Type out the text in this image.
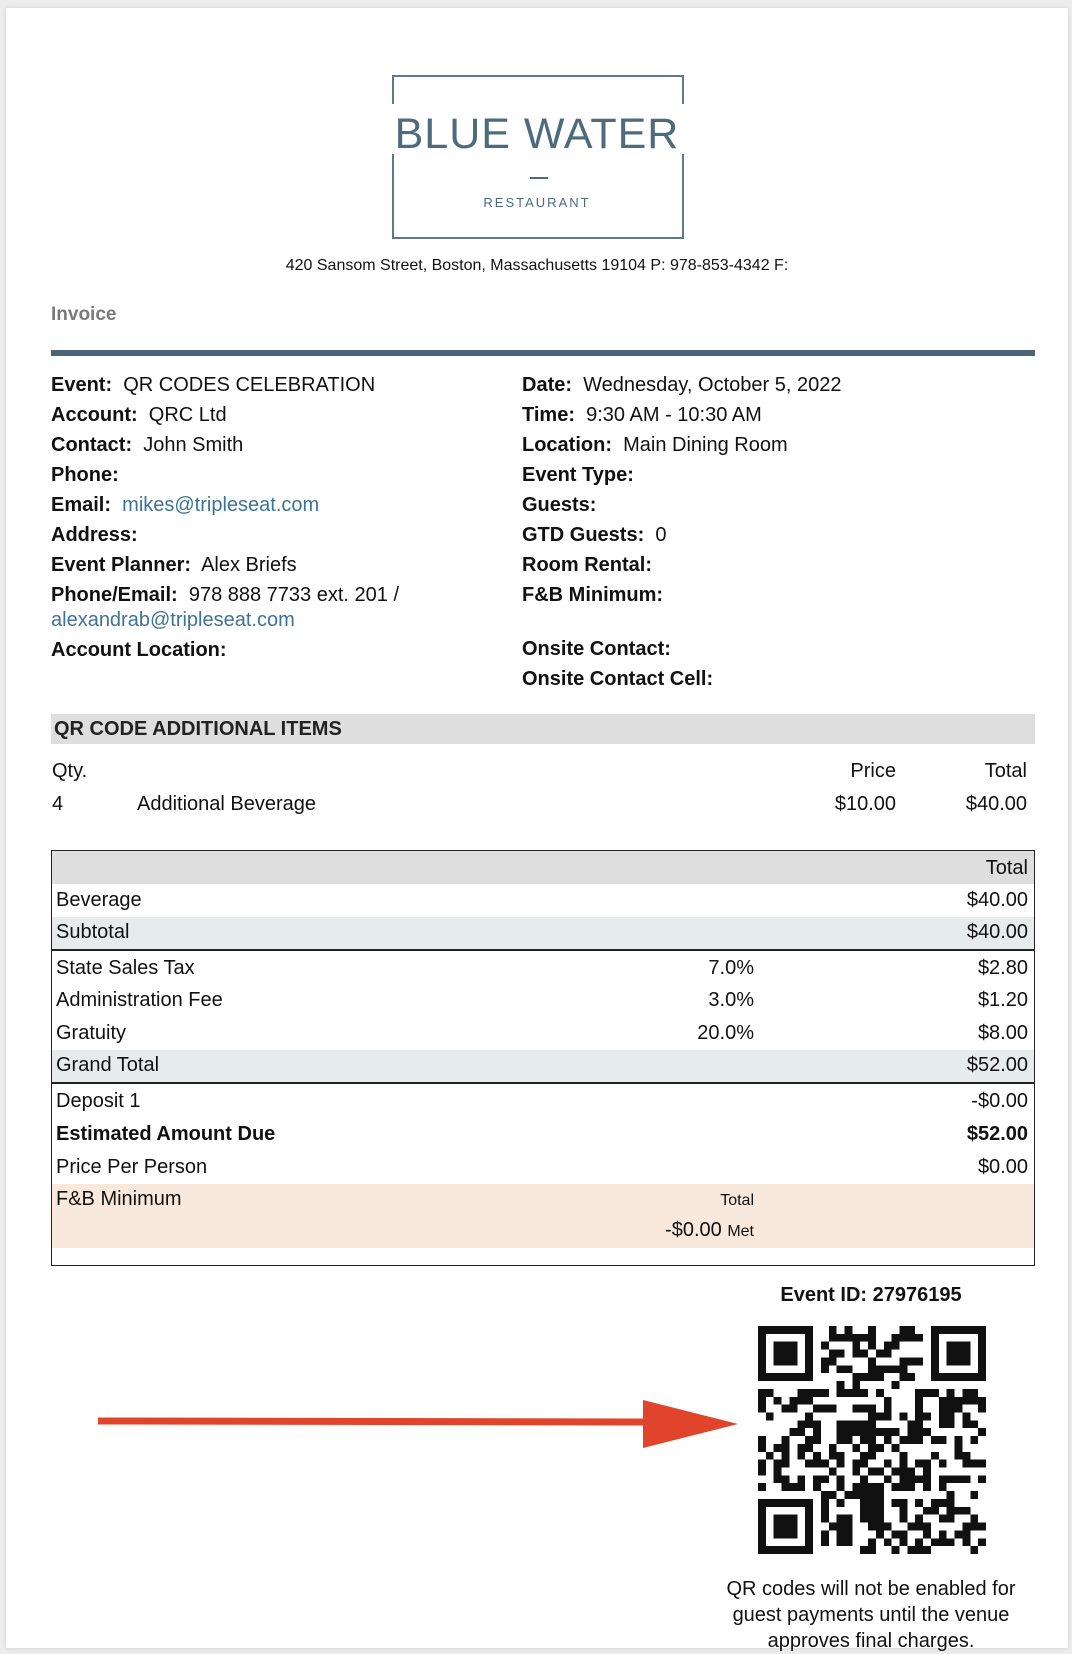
BLUE WATER
RESTAURANT
420 Sansom Street, Boston, Massachusetts 19104 P: 978-853-4342 F:
Invoice
Event: QR CODES CELEBRATION
Account: QRC Ltd
Contact: John Smith
Phone:
Email: mikes@tripleseat.com
Address:
Event Planner: Alex Briefs
Phone/Email: 978 888 7733 ext. 201 /
alexandrab@tripleseat.com
Account Location:
Date: Wednesday, October 5, 2022
Time: 9:30 AM - 10:30 AM
Location: Main Dining Room
Event Type:
Guests:
GTD Guests: 0
Room Rental:
F&B Minimum:
Onsite Contact:
Onsite Contact Cell:
QR CODE ADDITIONAL ITEMS
Qty.	Price	Total
4	Additional Beverage	$10.00	$40.00
Total
Beverage	$40.00
Subtotal	$40.00
State Sales Tax	7.0%	$2.80
Administration Fee	3.0%	$1.20
Gratuity	20.0%	$8.00
Grand Total	$52.00
Deposit 1	-$0.00
Estimated Amount Due	$52.00
Price Per Person	$0.00
F&B Minimum	Total
-$0.00 Met
Event ID: 27976195
QR codes will not be enabled for guest payments until the venue approves final charges.
